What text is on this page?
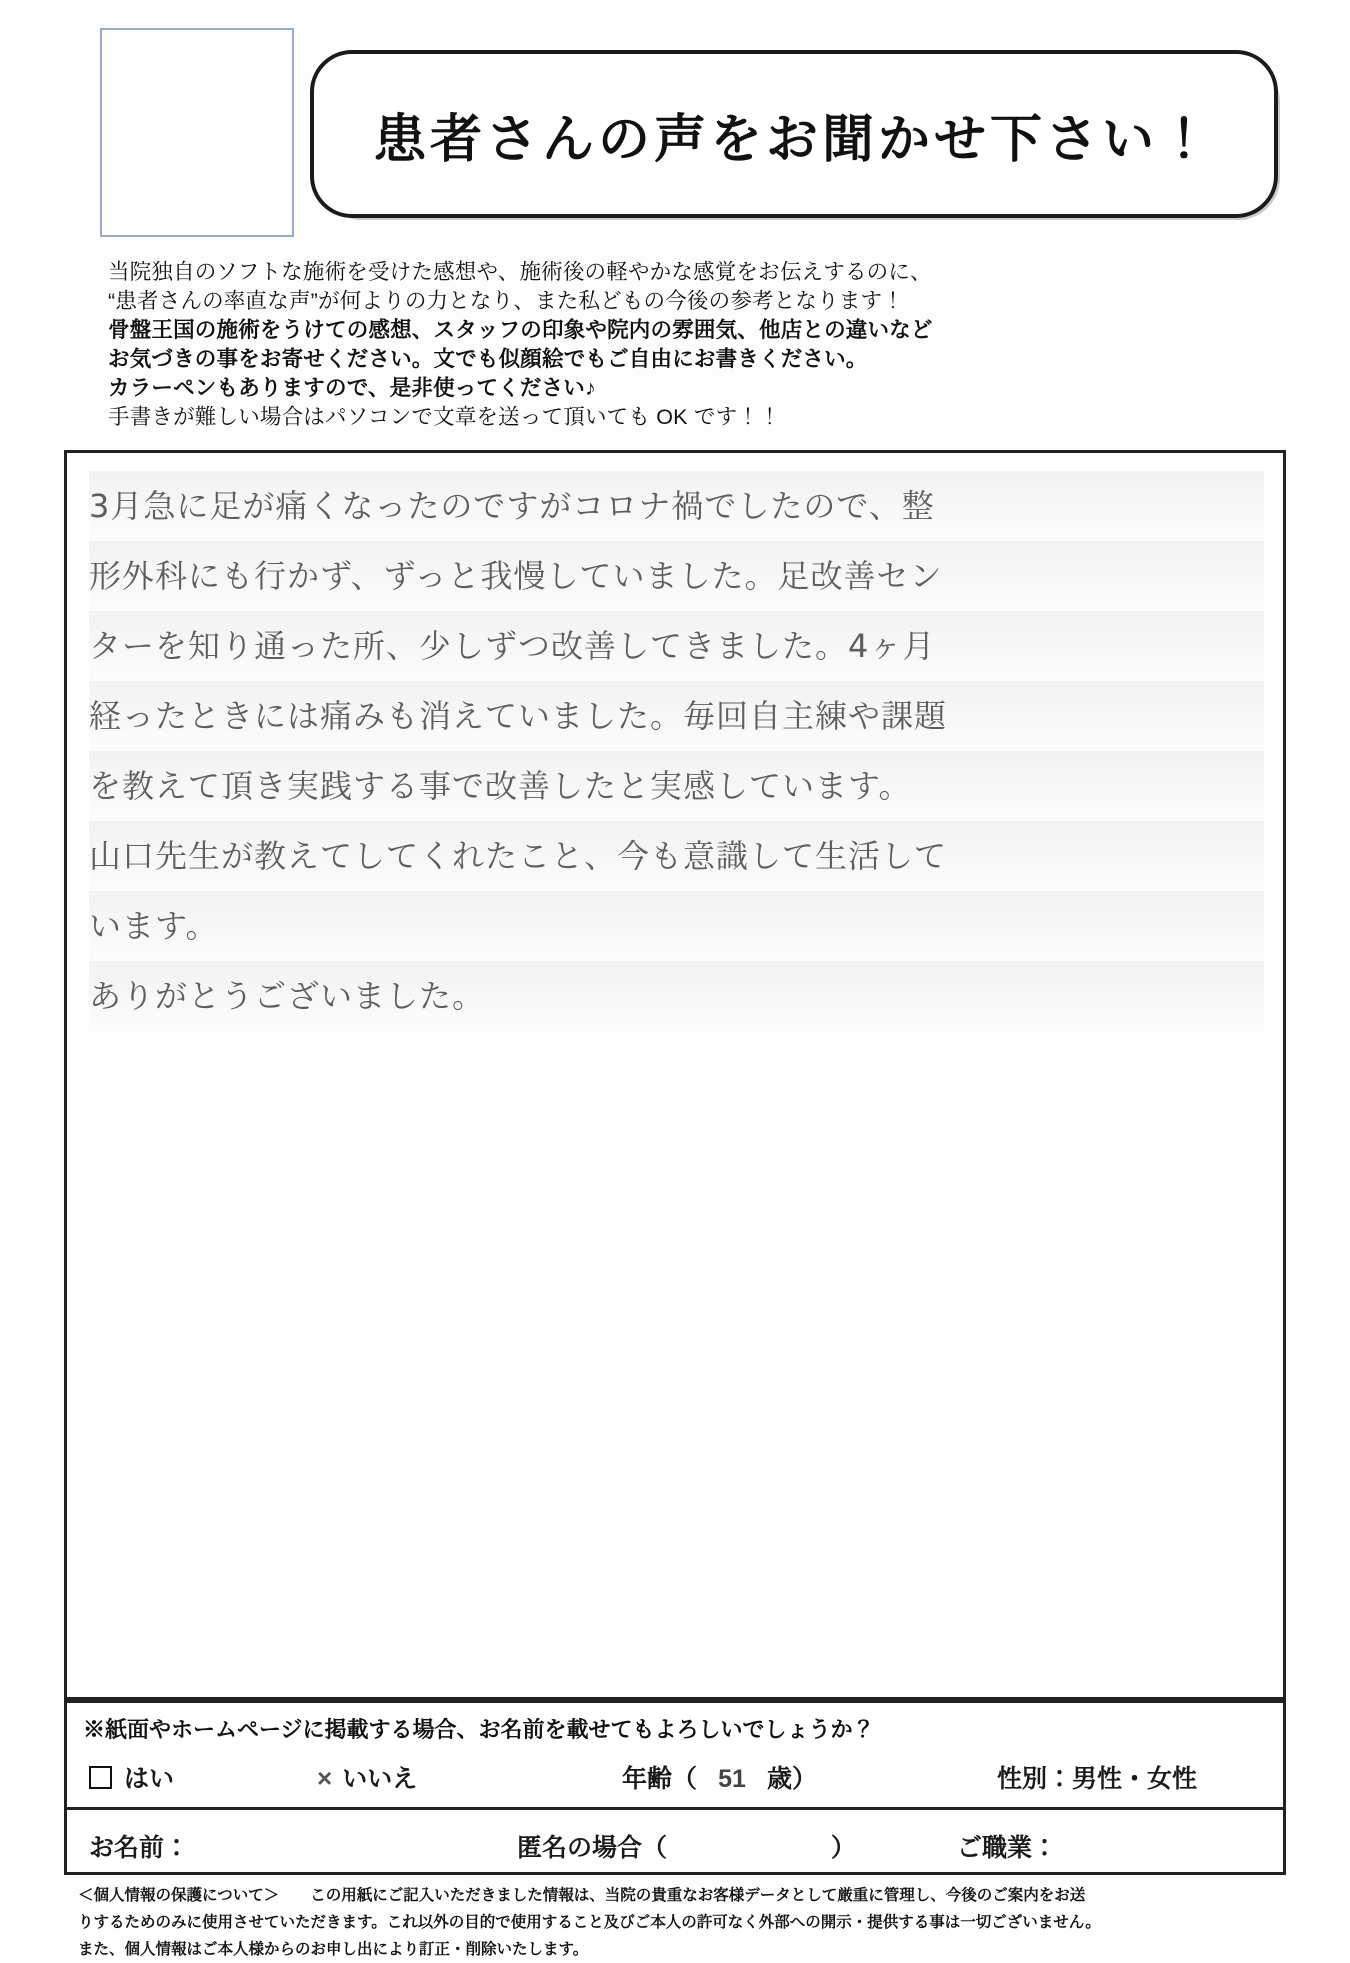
患者さんの声をお聞かせ下さい！
当院独自のソフトな施術を受けた感想や、施術後の軽やかな感覚をお伝えするのに、
“患者さんの率直な声”が何よりの力となり、また私どもの今後の参考となります！
骨盤王国の施術をうけての感想、スタッフの印象や院内の雰囲気、他店との違いなど
お気づきの事をお寄せください。文でも似顔絵でもご自由にお書きください。
カラーペンもありますので、是非使ってください♪
手書きが難しい場合はパソコンで文章を送って頂いても OK です！！
3月急に足が痛くなったのですがコロナ禍でしたので、整
形外科にも行かず、ずっと我慢していました。足改善セン
ターを知り通った所、少しずつ改善してきました。4ヶ月
経ったときには痛みも消えていました。毎回自主練や課題
を教えて頂き実践する事で改善したと実感しています。
山口先生が教えてしてくれたこと、今も意識して生活して
います。
ありがとうございました。
※紙面やホームページに掲載する場合、お名前を載せてもよろしいでしょうか？
はい	× いいえ	年齢（ 51 歳）	性別：男性・女性
お名前：	匿名の場合（	）	ご職業：
＜個人情報の保護について＞　　この用紙にご記入いただきました情報は、当院の貴重なお客様データとして厳重に管理し、今後のご案内をお送
りするためのみに使用させていただきます。これ以外の目的で使用すること及びご本人の許可なく外部への開示・提供する事は一切ございません。
また、個人情報はご本人様からのお申し出により訂正・削除いたします。
